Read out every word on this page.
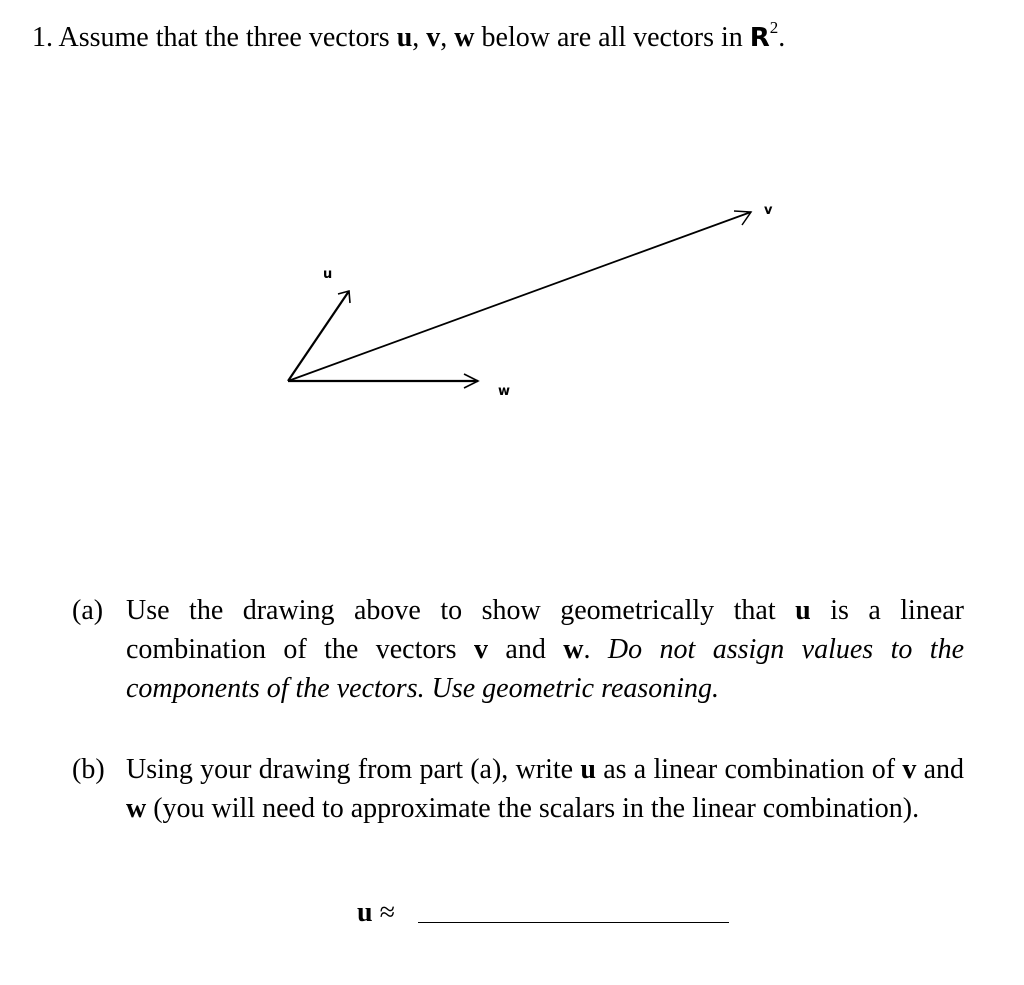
1. Assume that the three vectors u, v, w below are all vectors in $R^2$.
u
v
w
(a) Use the drawing above to show geometrically that u is a linear combination of the vectors v and w. Do not assign values to the components of the vectors. Use geometric reasoning.
(b) Using your drawing from part (a), write u as a linear combination of v and w (you will need to approximate the scalars in the linear combination).
u ≈
